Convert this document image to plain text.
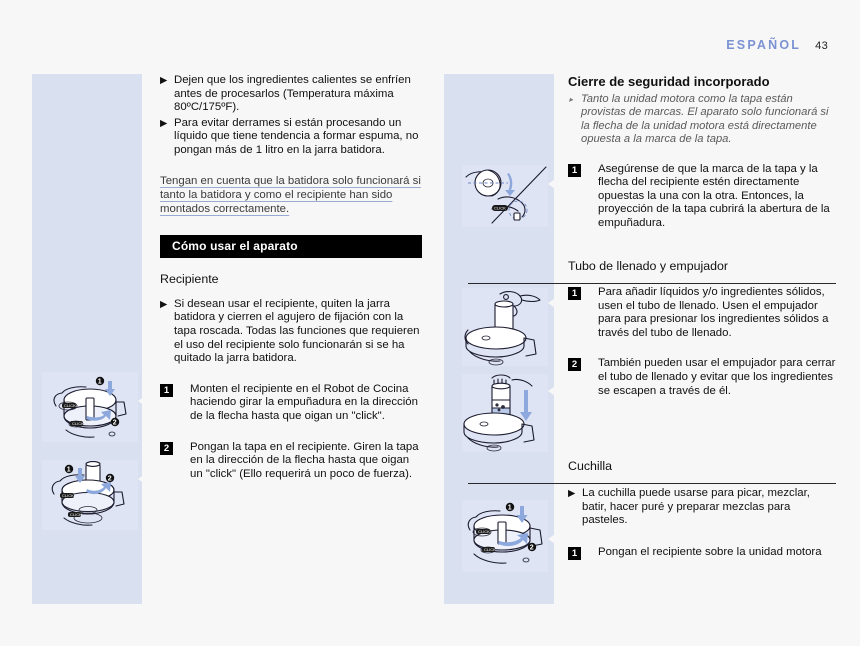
ESPAÑOL 43
▶ Dejen que los ingredientes calientes se enfríen antes de procesarlos (Temperatura máxima 80ºC/175ºF).
▶ Para evitar derrames si están procesando un líquido que tiene tendencia a formar espuma, no pongan más de 1 litro en la jarra batidora.
Tengan en cuenta que la batidora solo funcionará si tanto la batidora y como el recipiente han sido montados correctamente.
Cómo usar el aparato
Recipiente
▶ Si desean usar el recipiente, quiten la jarra batidora y cierren el agujero de fijación con la tapa roscada. Todas las funciones que requieren el uso del recipiente solo funcionarán si se ha quitado la jarra batidora.
1	Monten el recipiente en el Robot de Cocina haciendo girar la empuñadura en la dirección de la flecha hasta que oigan un "click".
2	Pongan la tapa en el recipiente. Giren la tapa en la dirección de la flecha hasta que oigan un "click" (Ello requerirá un poco de fuerza).
Cierre de seguridad incorporado
▸ Tanto la unidad motora como la tapa están provistas de marcas. El aparato solo funcionará si la flecha de la unidad motora está directamente opuesta a la marca de la tapa.
1	Asegúrense de que la marca de la tapa y la flecha del recipiente estén directamente opuestas la una con la otra. Entonces, la proyección de la tapa cubrirá la abertura de la empuñadura.
Tubo de llenado y empujador
1	Para añadir líquidos y/o ingredientes sólidos, usen el tubo de llenado. Usen el empujador para para presionar los ingredientes sólidos a través del tubo de llenado.
2	También pueden usar el empujador para cerrar el tubo de llenado y evitar que los ingredientes se escapen a través de él.
Cuchilla
▶ La cuchilla puede usarse para picar, mezclar, batir, hacer puré y preparar mezclas para pasteles.
1	Pongan el recipiente sobre la unidad motora
CLICK
CLICK
1
2
CLICK
CLICK
1
2
CLICK
CLICK
CLICK
1
2
